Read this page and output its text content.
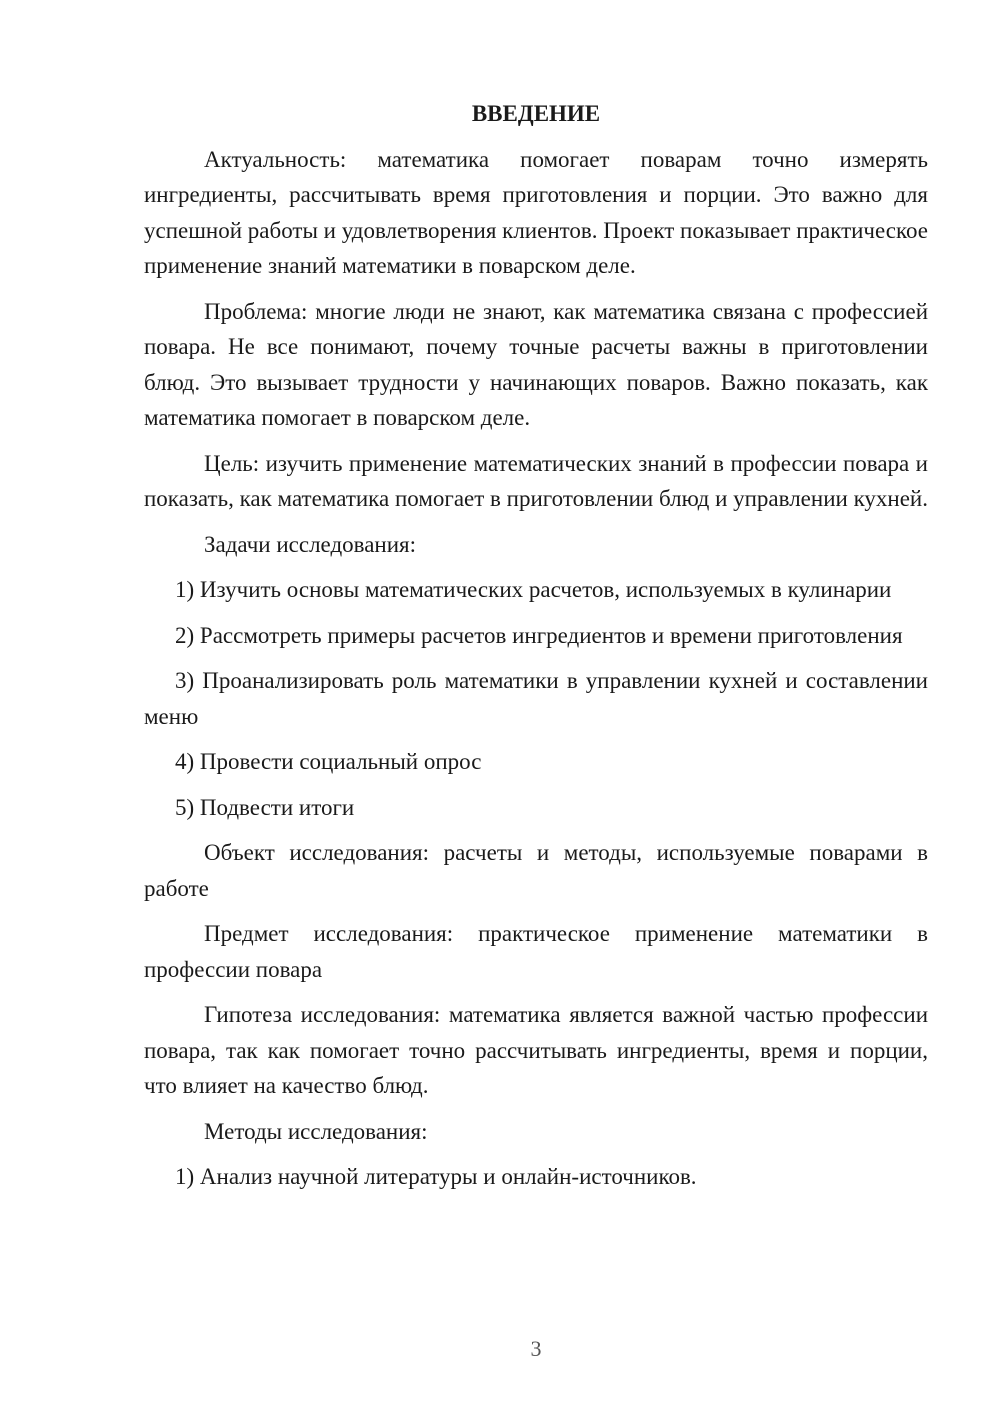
ВВЕДЕНИЕ

Актуальность: математика помогает поварам точно измерять ингредиенты, рассчитывать время приготовления и порции. Это важно для успешной работы и удовлетворения клиентов. Проект показывает практическое применение знаний математики в поварском деле.

Проблема: многие люди не знают, как математика связана с профессией повара. Не все понимают, почему точные расчеты важны в приготовлении блюд. Это вызывает трудности у начинающих поваров. Важно показать, как математика помогает в поварском деле.

Цель: изучить применение математических знаний в профессии повара и показать, как математика помогает в приготовлении блюд и управлении кухней.

Задачи исследования:

1) Изучить основы математических расчетов, используемых в кулинарии

2) Рассмотреть примеры расчетов ингредиентов и времени приготовления

3) Проанализировать роль математики в управлении кухней и составлении меню

4) Провести социальный опрос

5) Подвести итоги

Объект исследования: расчеты и методы, используемые поварами в работе

Предмет исследования: практическое применение математики в профессии повара

Гипотеза исследования: математика является важной частью профессии повара, так как помогает точно рассчитывать ингредиенты, время и порции, что влияет на качество блюд.

Методы исследования:

1) Анализ научной литературы и онлайн-источников.

3
